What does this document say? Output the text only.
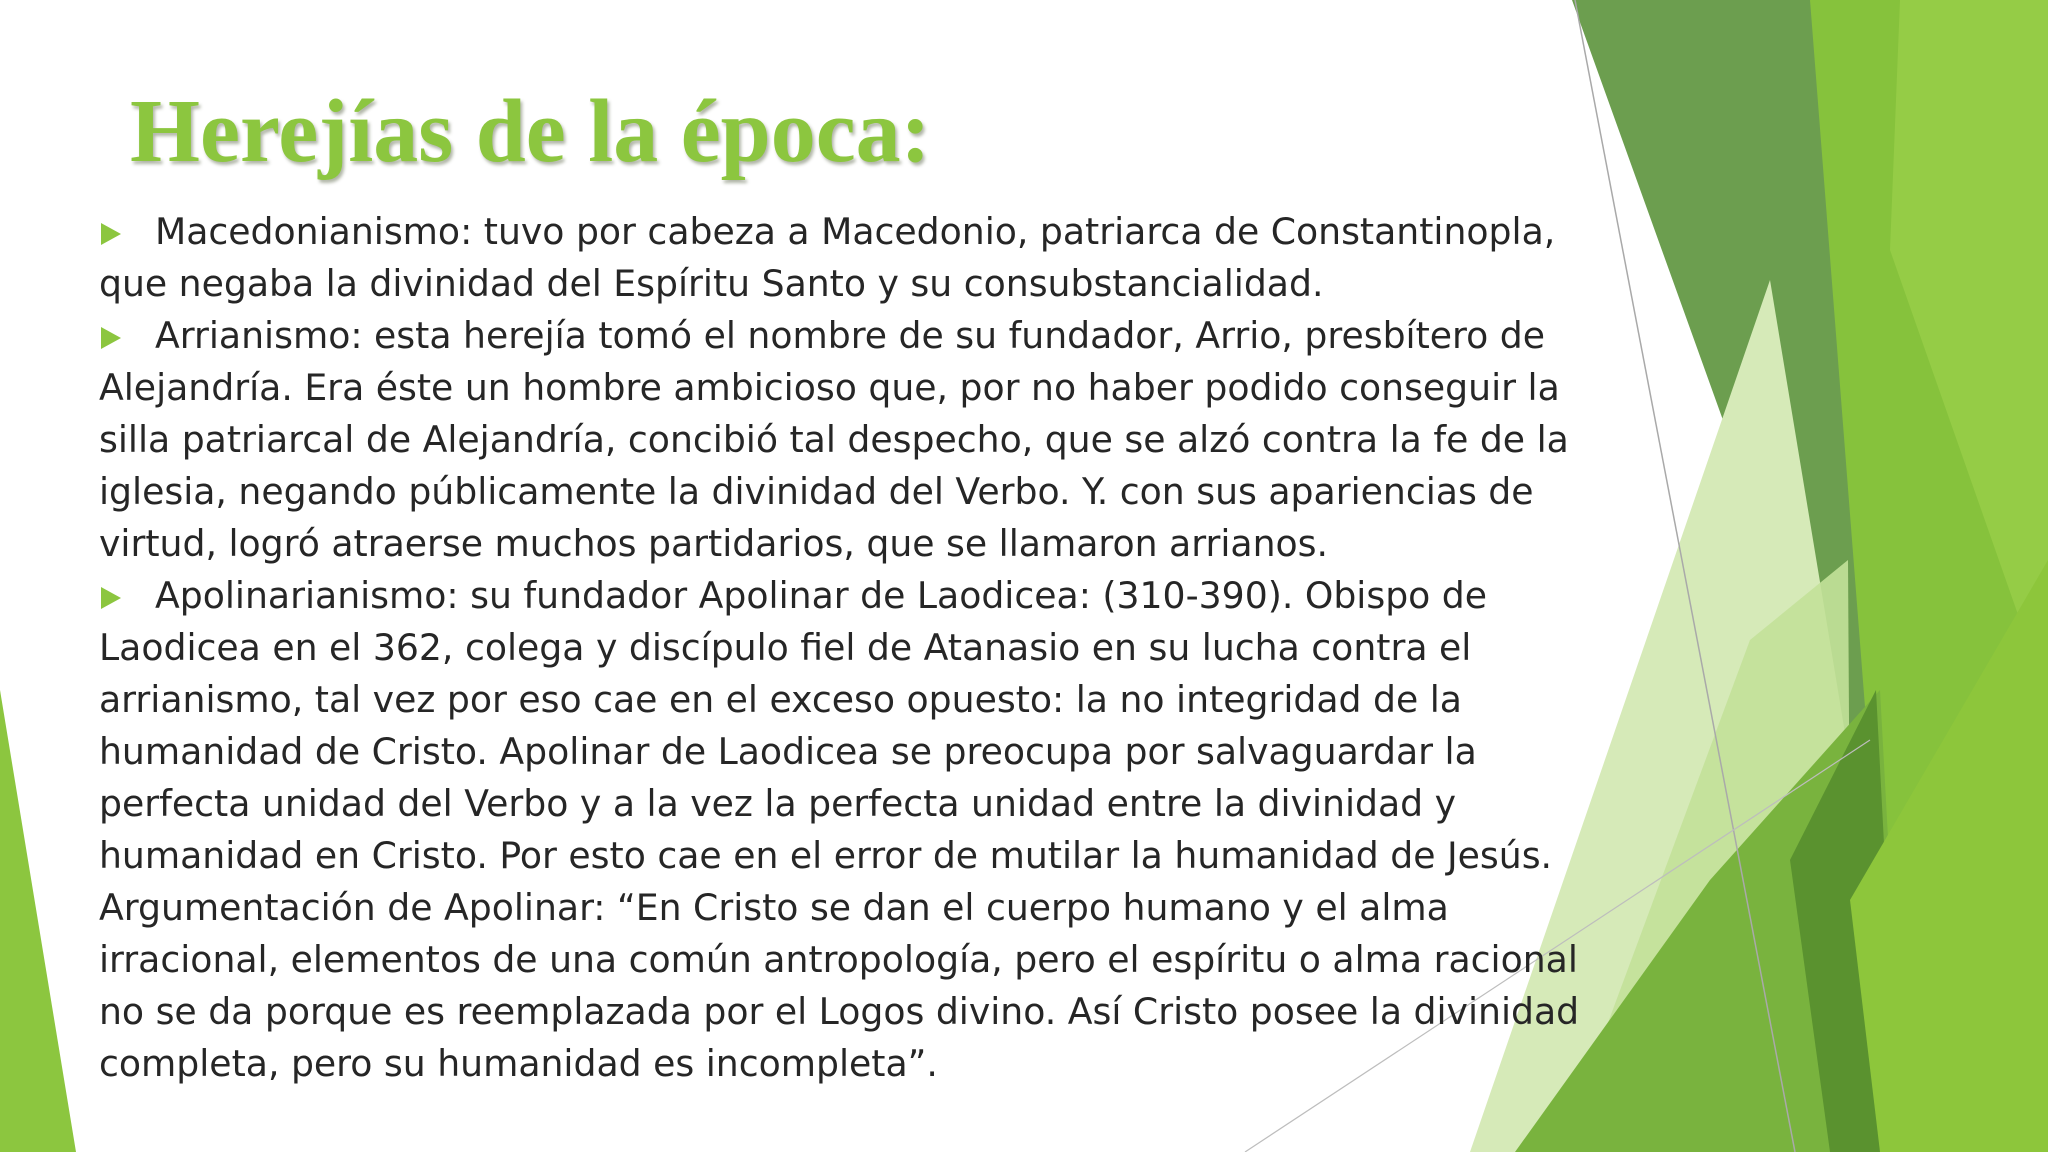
Herejías de la época:

Macedonianismo: tuvo por cabeza a Macedonio, patriarca de Constantinopla, que negaba la divinidad del Espíritu Santo y su consubstancialidad.

Arrianismo: esta herejía tomó el nombre de su fundador, Arrio, presbítero de Alejandría. Era éste un hombre ambicioso que, por no haber podido conseguir la silla patriarcal de Alejandría, concibió tal despecho, que se alzó contra la fe de la iglesia, negando públicamente la divinidad del Verbo. Y. con sus apariencias de virtud, logró atraerse muchos partidarios, que se llamaron arrianos.

Apolinarianismo: su fundador Apolinar de Laodicea: (310-390). Obispo de Laodicea en el 362, colega y discípulo fiel de Atanasio en su lucha contra el arrianismo, tal vez por eso cae en el exceso opuesto: la no integridad de la humanidad de Cristo. Apolinar de Laodicea se preocupa por salvaguardar la perfecta unidad del Verbo y a la vez la perfecta unidad entre la divinidad y humanidad en Cristo. Por esto cae en el error de mutilar la humanidad de Jesús. Argumentación de Apolinar: “En Cristo se dan el cuerpo humano y el alma irracional, elementos de una común antropología, pero el espíritu o alma racional no se da porque es reemplazada por el Logos divino. Así Cristo posee la divinidad completa, pero su humanidad es incompleta”.
